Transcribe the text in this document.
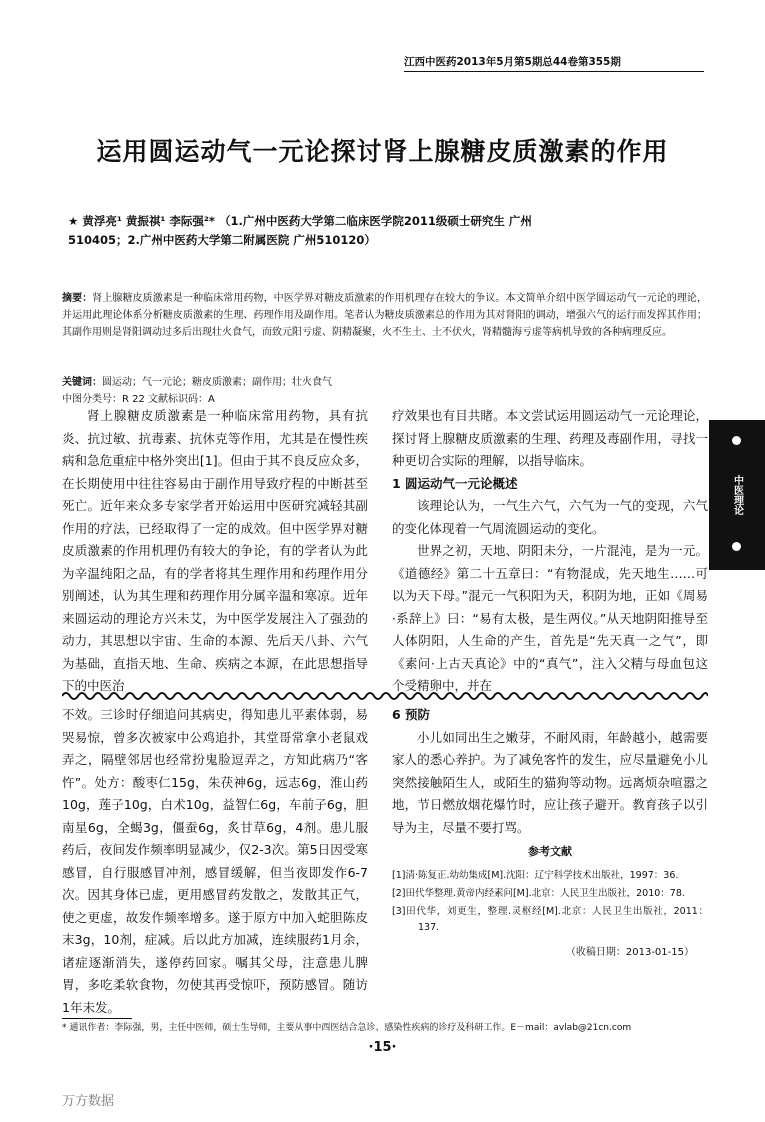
江西中医药2013年5月第5期总44卷第355期
运用圆运动气一元论探讨肾上腺糖皮质激素的作用
★ 黄浮亮¹ 黄振祺¹ 李际强²* （1.广州中医药大学第二临床医学院2011级硕士研究生 广州
510405；2.广州中医药大学第二附属医院 广州510120）
摘要：肾上腺糖皮质激素是一种临床常用药物，中医学界对糖皮质激素的作用机理存在较大的争议。本文简单介绍中医学圆运动气一元论的理论，并运用此理论体系分析糖皮质激素的生理、药理作用及副作用。笔者认为糖皮质激素总的作用为其对肾阳的调动，增强六气的运行而发挥其作用；其副作用则是肾阳调动过多后出现壮火食气，而致元阳亏虚、阴精凝聚，火不生土、土不伏火，肾精髓海亏虚等病机导致的各种病理反应。
关键词：圆运动；气一元论；糖皮质激素；副作用；壮火食气
中图分类号：R 22 文献标识码：A

肾上腺糖皮质激素是一种临床常用药物，具有抗炎、抗过敏、抗毒素、抗休克等作用，尤其是在慢性疾病和急危重症中格外突出[1]。但由于其不良反应众多，在长期使用中往往容易由于副作用导致疗程的中断甚至死亡。近年来众多专家学者开始运用中医研究减轻其副作用的疗法，已经取得了一定的成效。但中医学界对糖皮质激素的作用机理仍有较大的争论，有的学者认为此为辛温纯阳之品，有的学者将其生理作用和药理作用分别阐述，认为其生理和药理作用分属辛温和寒凉。近年来圆运动的理论方兴未艾，为中医学发展注入了强劲的动力，其思想以宇宙、生命的本源、先后天八卦、六气为基础，直指天地、生命、疾病之本源，在此思想指导下的中医治

疗效果也有目共睹。本文尝试运用圆运动气一元论理论，探讨肾上腺糖皮质激素的生理、药理及毒副作用，寻找一种更切合实际的理解，以指导临床。

1 圆运动气一元论概述

该理论认为，一气生六气，六气为一气的变现，六气的变化体现着一气周流圆运动的变化。

世界之初，天地、阴阳未分，一片混沌，是为一元。《道德经》第二十五章曰：“有物混成，先天地生……可以为天下母。”混元一气积阳为天，积阴为地，正如《周易·系辞上》曰：“易有太极，是生两仪。”从天地阴阳推导至人体阴阳，人生命的产生，首先是“先天真一之气”，即《素问·上古天真论》中的“真气”，注入父精与母血包这个受精卵中，并在

不效。三诊时仔细追问其病史，得知患儿平素体弱，易哭易惊，曾多次被家中公鸡追扑，其堂哥常拿小老鼠戏弄之，隔壁邻居也经常扮鬼脸逗弄之，方知此病乃“客忤”。处方：酸枣仁15g，朱茯神6g，远志6g，淮山药10g，莲子10g，白术10g，益智仁6g，车前子6g，胆南星6g，全蝎3g，僵蚕6g，炙甘草6g，4剂。患儿服药后，夜间发作频率明显减少，仅2-3次。第5日因受寒感冒，自行服感冒冲剂，感冒缓解，但当夜即发作6-7次。因其身体已虚，更用感冒药发散之，发散其正气，使之更虚，故发作频率增多。遂于原方中加入蛇胆陈皮末3g，10剂，症减。后以此方加减，连续服药1月余，诸症逐渐消失，遂停药回家。嘱其父母，注意患儿脾胃，多吃柔软食物，勿使其再受惊吓，预防感冒。随访1年未发。

6 预防

小儿如同出生之嫩芽，不耐风雨，年龄越小，越需要家人的悉心养护。为了减免客忤的发生，应尽量避免小儿突然接触陌生人，或陌生的猫狗等动物。远离烦杂喧嚣之地，节日燃放烟花爆竹时，应让孩子避开。教育孩子以引导为主，尽量不要打骂。

参考文献
[1]清·陈复正.幼幼集成[M].沈阳：辽宁科学技术出版社，1997：36.
[2]田代华整理.黄帝内经素问[M].北京：人民卫生出版社，2010：78.
[3]田代华，刘更生，整理.灵枢经[M].北京：人民卫生出版社，2011：137.
（收稿日期：2013-01-15）
中医理论
* 通讯作者：李际强，男，主任中医师，硕士生导师，主要从事中西医结合急诊、感染性疾病的诊疗及科研工作。E－mail：avlab@21cn.com
·15·
万方数据
